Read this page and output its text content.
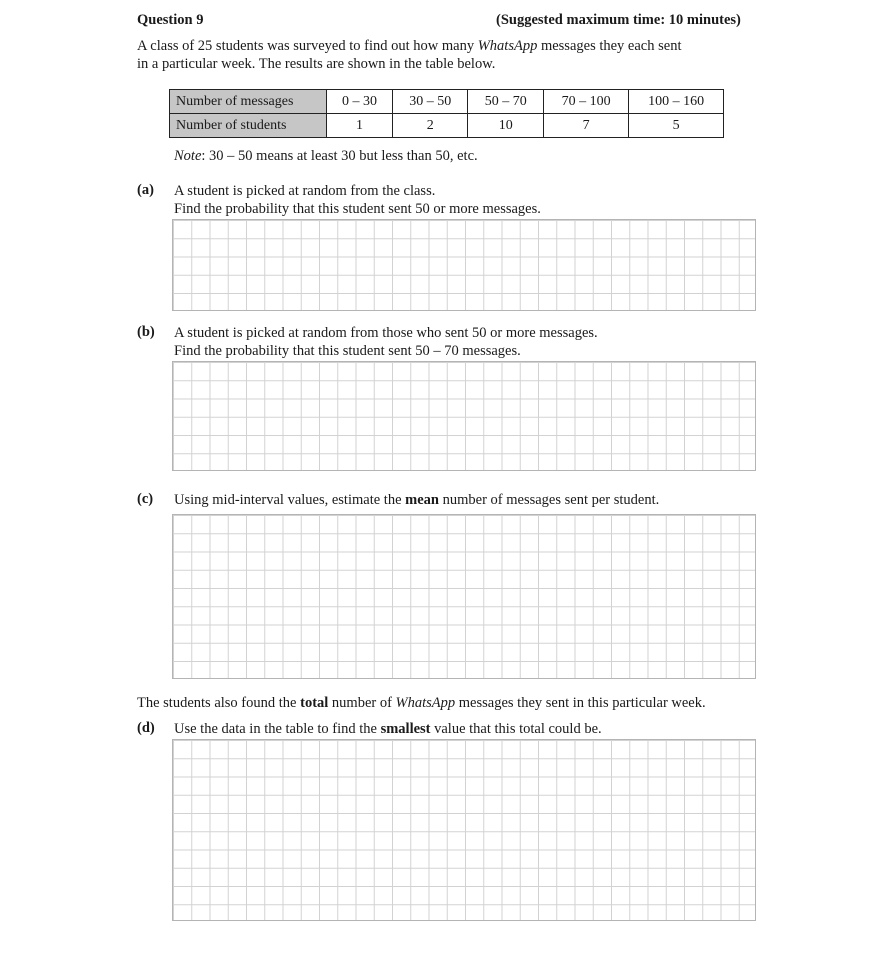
Question 9	(Suggested maximum time: 10 minutes)
A class of 25 students was surveyed to find out how many WhatsApp messages they each sent
in a particular week. The results are shown in the table below.
Number of messages	0 – 30	30 – 50	50 – 70	70 – 100	100 – 160
Number of students	1	2	10	7	5
Note: 30 – 50 means at least 30 but less than 50, etc.
(a) A student is picked at random from the class.
Find the probability that this student sent 50 or more messages.
(b) A student is picked at random from those who sent 50 or more messages.
Find the probability that this student sent 50 – 70 messages.
(c) Using mid-interval values, estimate the mean number of messages sent per student.
The students also found the total number of WhatsApp messages they sent in this particular week.
(d) Use the data in the table to find the smallest value that this total could be.
